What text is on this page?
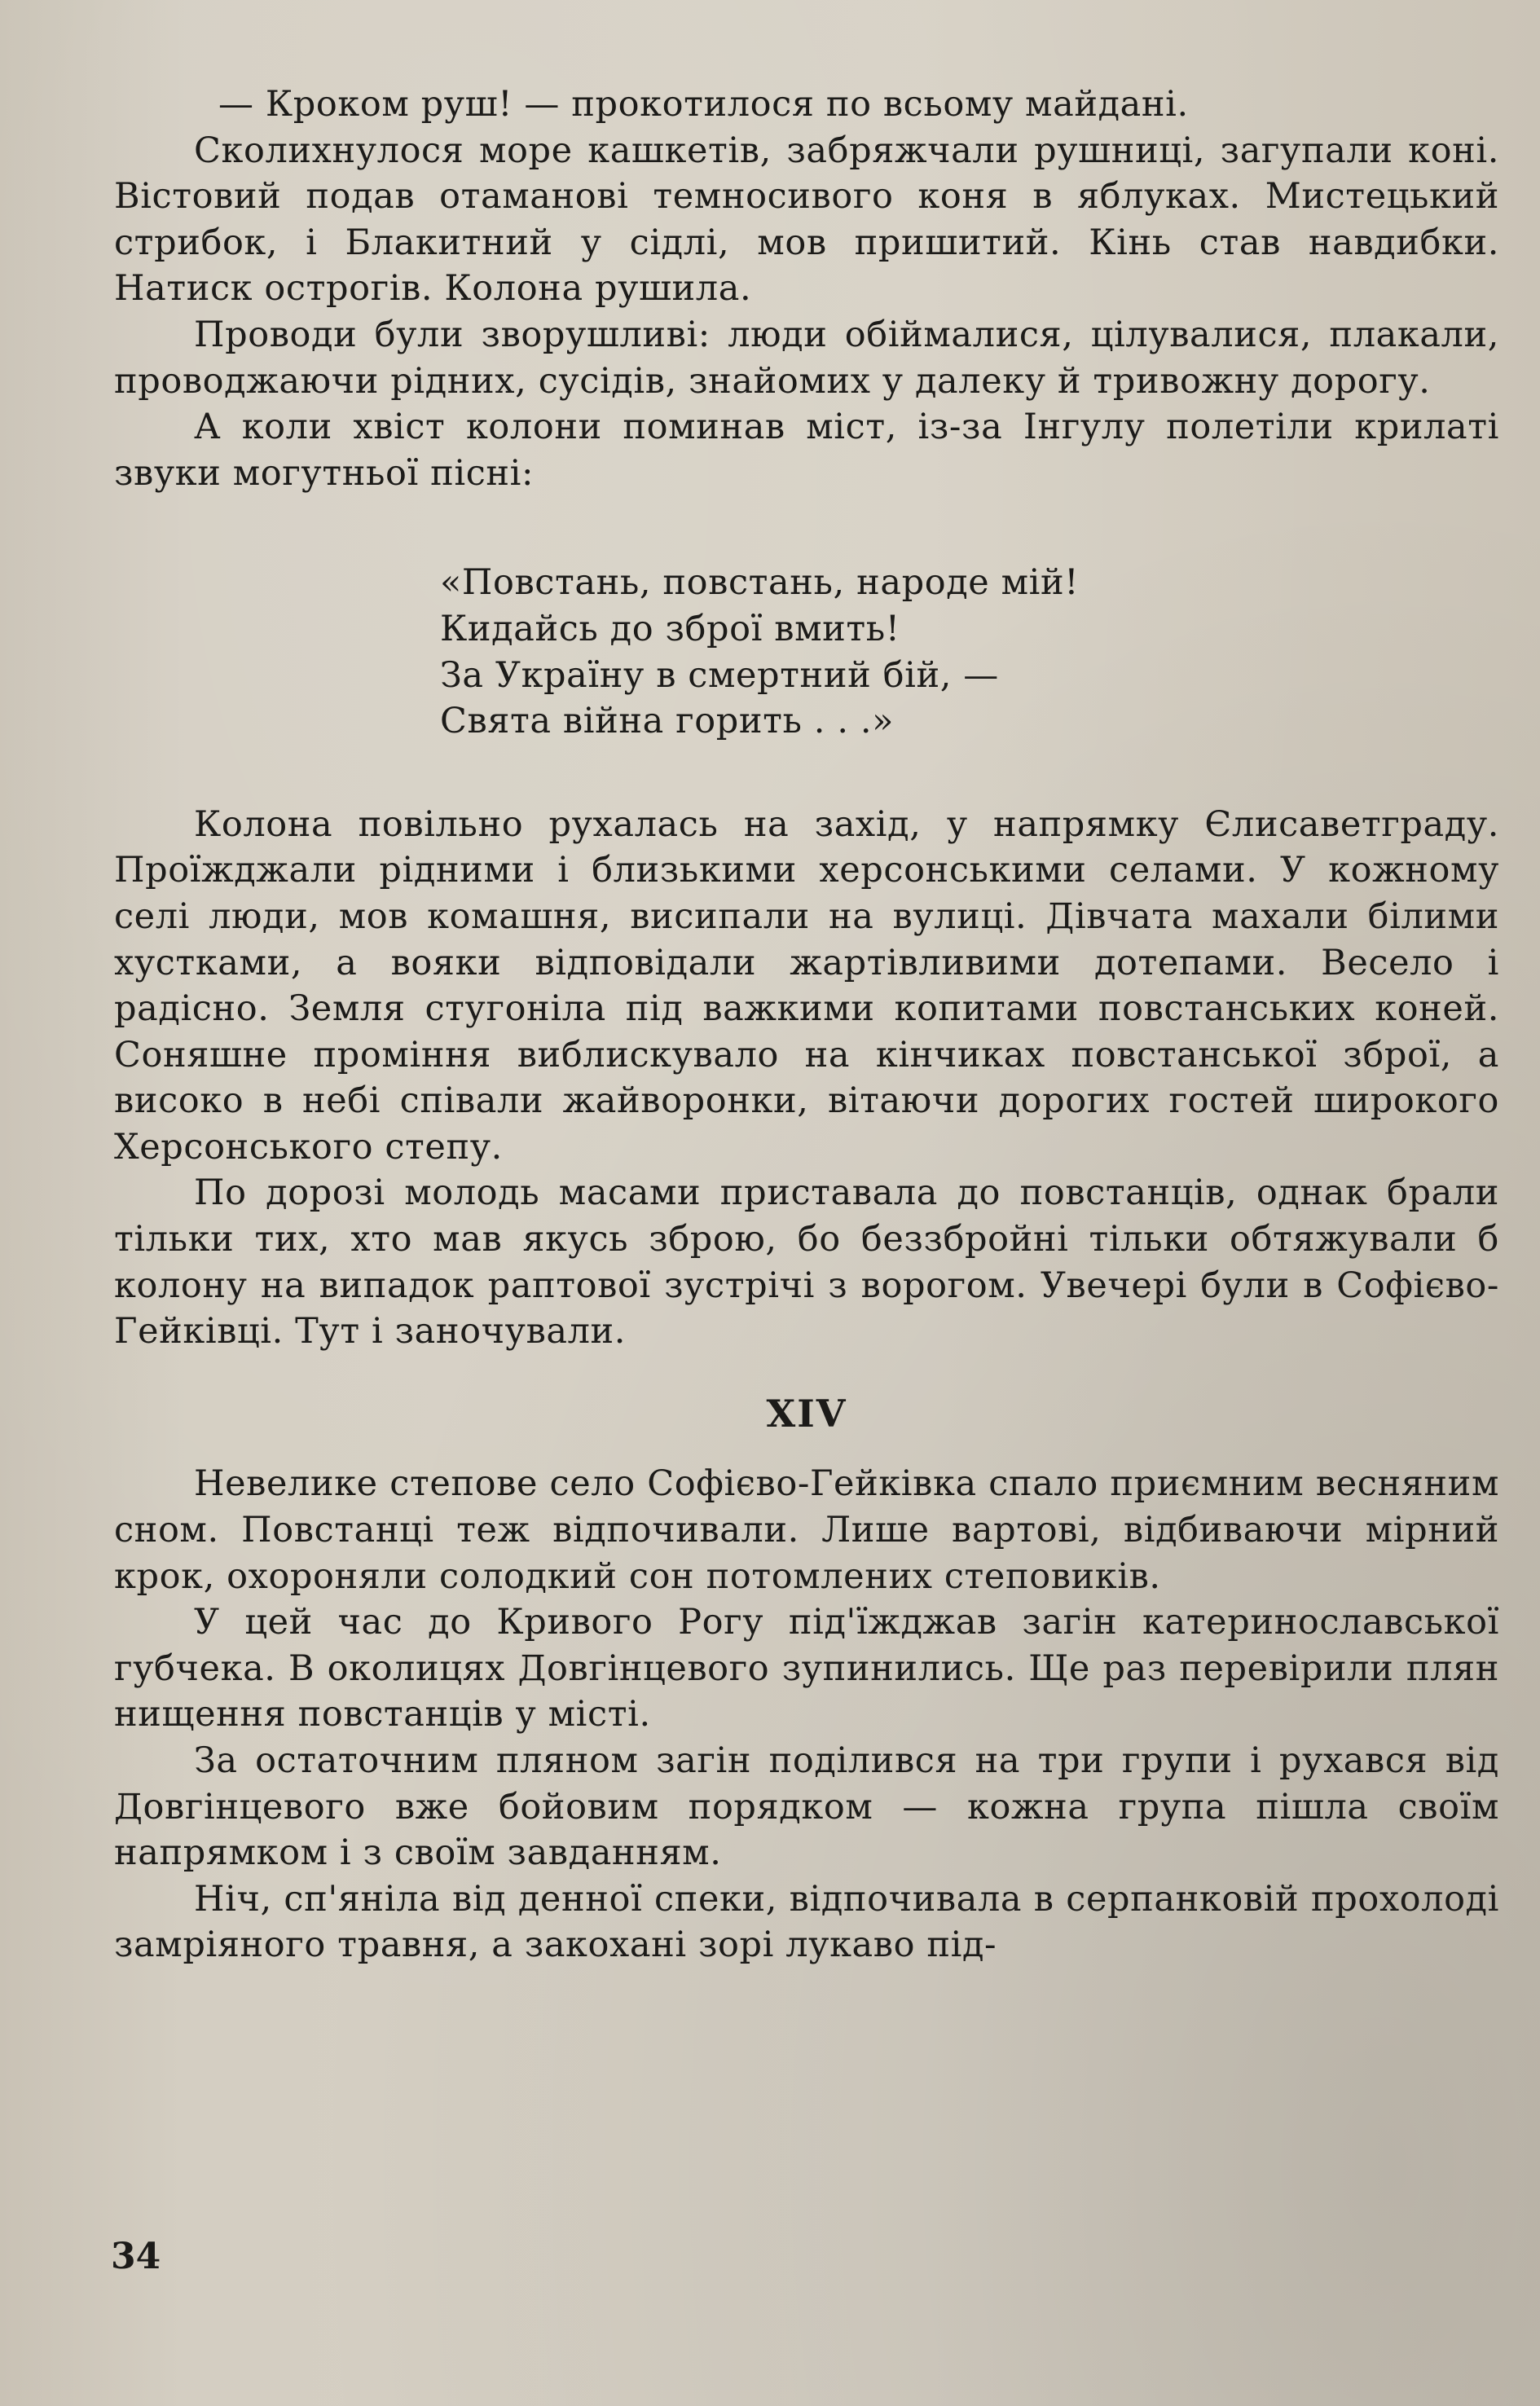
— Кроком руш! — прокотилося по всьому майдані.

Сколихнулося море кашкетів, забряжчали рушниці, загупали коні. Вістовий подав отаманові темносивого коня в яблуках. Мистецький стрибок, і Блакитний у сідлі, мов пришитий. Кінь став навдибки. Натиск острогів. Колона рушила.

Проводи були зворушливі: люди обіймалися, цілувалися, плакали, проводжаючи рідних, сусідів, знайомих у далеку й тривожну дорогу.

А коли хвіст колони поминав міст, із-за Інгулу полетіли крилаті звуки могутньої пісні:

«Повстань, повстань, народе мій!
Кидайсь до зброї вмить!
За Україну в смертний бій, —
Свята війна горить . . .»

Колона повільно рухалась на захід, у напрямку Єлисаветграду. Проїжджали рідними і близькими херсонськими селами. У кожному селі люди, мов комашня, висипали на вулиці. Дівчата махали білими хустками, а вояки відповідали жартівливими дотепами. Весело і радісно. Земля стугоніла під важкими копитами повстанських коней. Соняшне проміння виблискувало на кінчиках повстанської зброї, а високо в небі співали жайворонки, вітаючи дорогих гостей широкого Херсонського степу.

По дорозі молодь масами приставала до повстанців, однак брали тільки тих, хто мав якусь зброю, бо беззбройні тільки обтяжували б колону на випадок раптової зустрічі з ворогом. Увечері були в Софієво-Гейківці. Тут і заночували.

XIV

Невелике степове село Софієво-Гейківка спало приємним весняним сном. Повстанці теж відпочивали. Лише вартові, відбиваючи мірний крок, охороняли солодкий сон потомлених степовиків.

У цей час до Кривого Рогу під'їжджав загін катеринославської губчека. В околицях Довгінцевого зупинились. Ще раз перевірили плян нищення повстанців у місті.

За остаточним пляном загін поділився на три групи і рухався від Довгінцевого вже бойовим порядком — кожна група пішла своїм напрямком і з своїм завданням.

Ніч, сп'яніла від денної спеки, відпочивала в серпанковій прохолоді замріяного травня, а закохані зорі лукаво під-

34
